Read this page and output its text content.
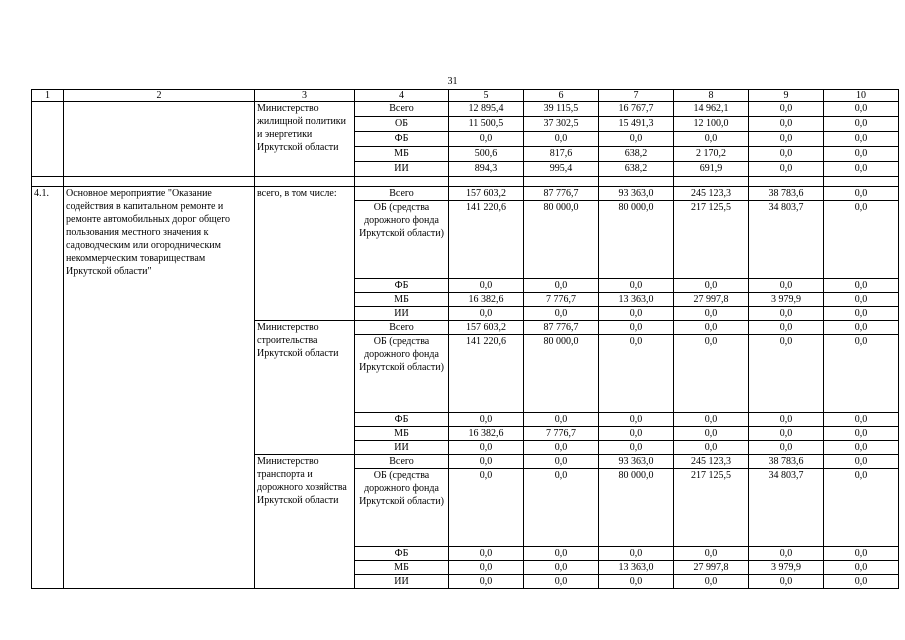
31
1	2	3	4	5	6	7	8	9	10
		Министерство жилищной политики и энергетики Иркутской области	Всего	12 895,4	39 115,5	16 767,7	14 962,1	0,0	0,0
			ОБ	11 500,5	37 302,5	15 491,3	12 100,0	0,0	0,0
			ФБ	0,0	0,0	0,0	0,0	0,0	0,0
			МБ	500,6	817,6	638,2	2 170,2	0,0	0,0
			ИИ	894,3	995,4	638,2	691,9	0,0	0,0

4.1.	Основное мероприятие "Оказание содействия в капитальном ремонте и ремонте автомобильных дорог общего пользования местного значения к садоводческим или огородническим некоммерческим товариществам Иркутской области"	всего, в том числе:	Всего	157 603,2	87 776,7	93 363,0	245 123,3	38 783,6	0,0
			ОБ (средства дорожного фонда Иркутской области)	141 220,6	80 000,0	80 000,0	217 125,5	34 803,7	0,0
			ФБ	0,0	0,0	0,0	0,0	0,0	0,0
			МБ	16 382,6	7 776,7	13 363,0	27 997,8	3 979,9	0,0
			ИИ	0,0	0,0	0,0	0,0	0,0	0,0
		Министерство строительства Иркутской области	Всего	157 603,2	87 776,7	0,0	0,0	0,0	0,0
			ОБ (средства дорожного фонда Иркутской области)	141 220,6	80 000,0	0,0	0,0	0,0	0,0
			ФБ	0,0	0,0	0,0	0,0	0,0	0,0
			МБ	16 382,6	7 776,7	0,0	0,0	0,0	0,0
			ИИ	0,0	0,0	0,0	0,0	0,0	0,0
		Министерство транспорта и дорожного хозяйства Иркутской области	Всего	0,0	0,0	93 363,0	245 123,3	38 783,6	0,0
			ОБ (средства дорожного фонда Иркутской области)	0,0	0,0	80 000,0	217 125,5	34 803,7	0,0
			ФБ	0,0	0,0	0,0	0,0	0,0	0,0
			МБ	0,0	0,0	13 363,0	27 997,8	3 979,9	0,0
			ИИ	0,0	0,0	0,0	0,0	0,0	0,0
